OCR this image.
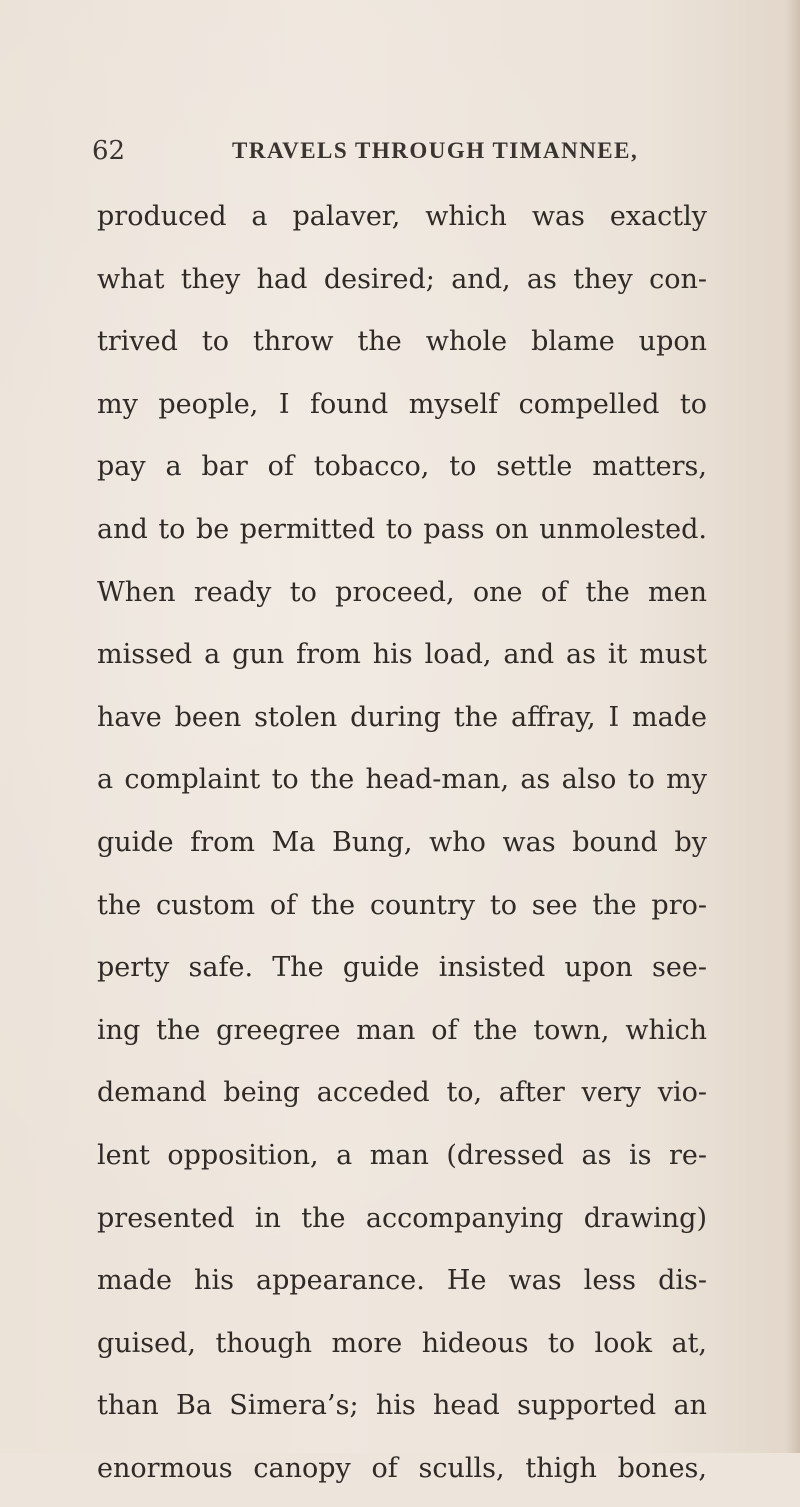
62	TRAVELS THROUGH TIMANNEE,
produced a palaver, which was exactly
what they had desired; and, as they con-
trived to throw the whole blame upon
my people, I found myself compelled to
pay a bar of tobacco, to settle matters,
and to be permitted to pass on unmolested.
When ready to proceed, one of the men
missed a gun from his load, and as it must
have been stolen during the affray, I made
a complaint to the head-man, as also to my
guide from Ma Bung, who was bound by
the custom of the country to see the pro-
perty safe. The guide insisted upon see-
ing the greegree man of the town, which
demand being acceded to, after very vio-
lent opposition, a man (dressed as is re-
presented in the accompanying drawing)
made his appearance. He was less dis-
guised, though more hideous to look at,
than Ba Simera’s; his head supported an
enormous canopy of sculls, thigh bones,
